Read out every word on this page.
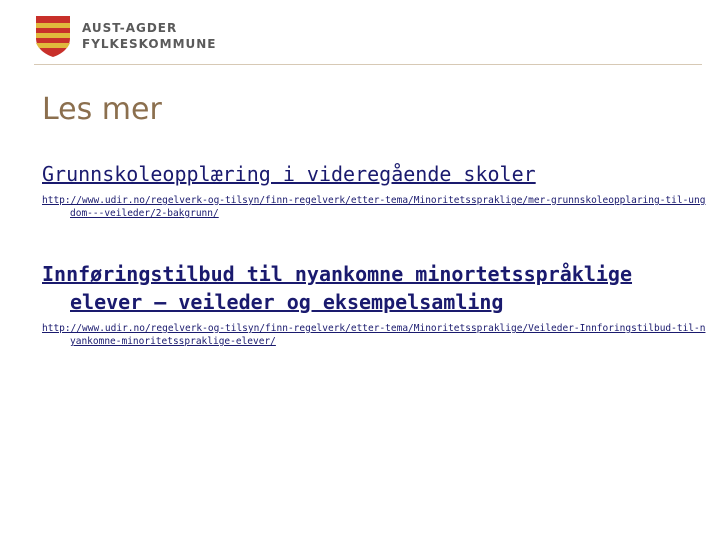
AUST-AGDER
FYLKESKOMMUNE
Les mer
Grunnskoleopplæring i videregående skoler
http://www.udir.no/regelverk-og-tilsyn/finn-regelverk/etter-tema/Minoritetsspraklige/mer-grunnskoleopplaring-til-ungdom---veileder/2-bakgrunn/
Innføringstilbud til nyankomne minortetsspråklige
elever – veileder og eksempelsamling
http://www.udir.no/regelverk-og-tilsyn/finn-regelverk/etter-tema/Minoritetsspraklige/Veileder-Innforingstilbud-til-nyankomne-minoritetsspraklige-elever/
